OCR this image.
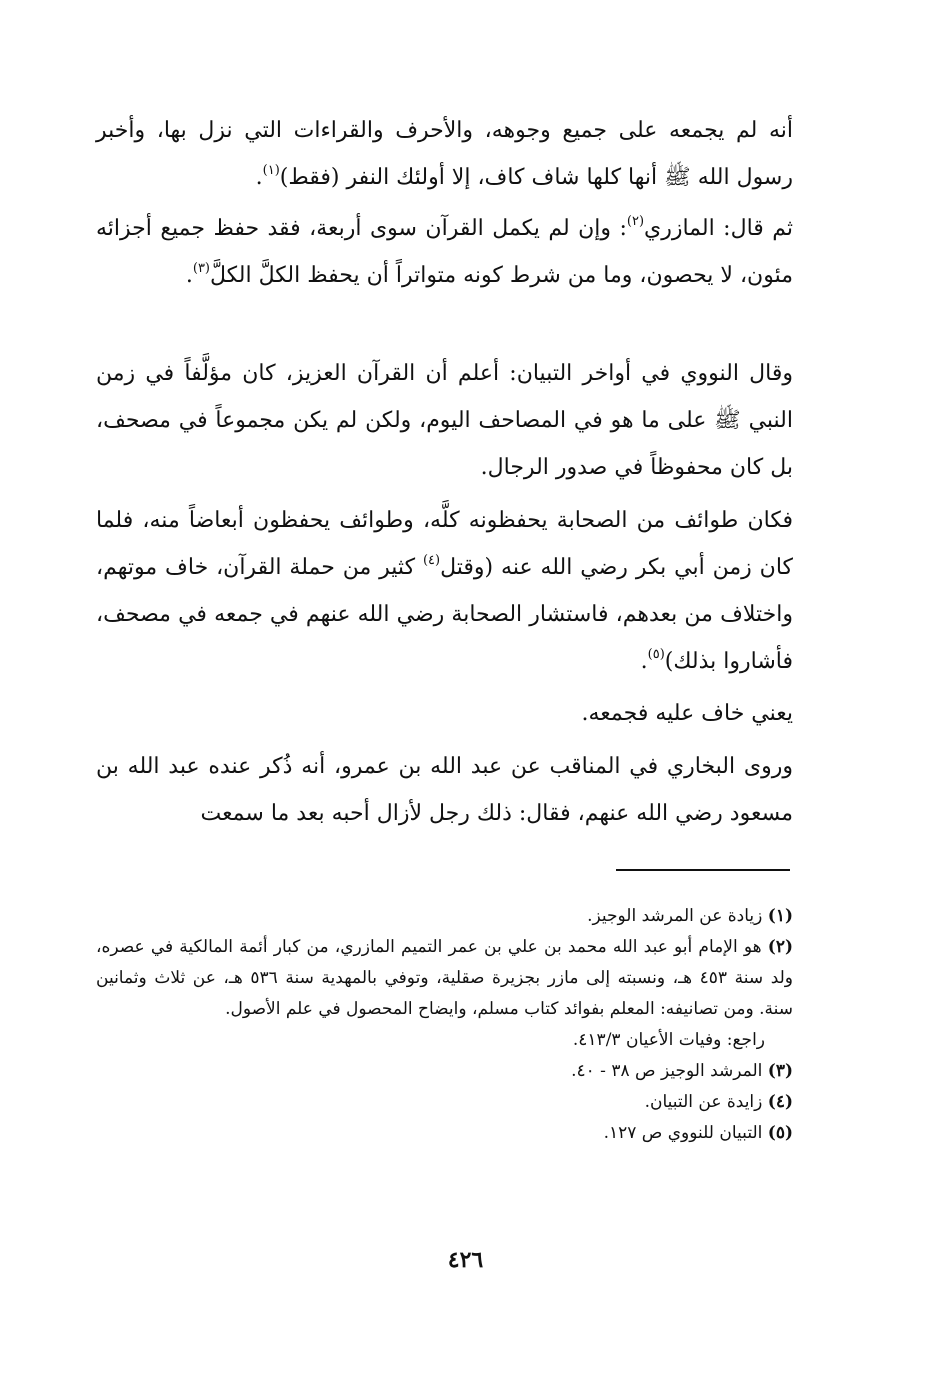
أنه لم يجمعه على جميع وجوهه، والأحرف والقراءات التي نزل بها، وأخبر رسول الله ﷺ أنها كلها شاف كاف، إلا أولئك النفر (فقط)$^{(١)}$.

ثم قال: المازري$^{(٢)}$: وإن لم يكمل القرآن سوى أربعة، فقد حفظ جميع أجزائه مئون، لا يحصون، وما من شرط كونه متواتراً أن يحفظ الكلَّ الكلَّ$^{(٣)}$.

وقال النووي في أواخر التبيان: أعلم أن القرآن العزيز، كان مؤلَّفاً في زمن النبي ﷺ على ما هو في المصاحف اليوم، ولكن لم يكن مجموعاً في مصحف، بل كان محفوظاً في صدور الرجال.

فكان طوائف من الصحابة يحفظونه كلَّه، وطوائف يحفظون أبعاضاً منه، فلما كان زمن أبي بكر رضي الله عنه (وقتل$^{(٤)}$ كثير من حملة القرآن، خاف موتهم، واختلاف من بعدهم، فاستشار الصحابة رضي الله عنهم في جمعه في مصحف، فأشاروا بذلك)$^{(٥)}$.

يعني خاف عليه فجمعه.

وروى البخاري في المناقب عن عبد الله بن عمرو، أنه ذُكر عنده عبد الله بن مسعود رضي الله عنهم، فقال: ذلك رجل لأزال أحبه بعد ما سمعت

(١) زيادة عن المرشد الوجيز.

(٢) هو الإمام أبو عبد الله محمد بن علي بن عمر التميم المازري، من كبار أئمة المالكية في عصره، ولد سنة ٤٥٣ هـ، ونسبته إلى مازر بجزيرة صقلية، وتوفي بالمهدية سنة ٥٣٦ هـ، عن ثلاث وثمانين سنة. ومن تصانيفه: المعلم بفوائد كتاب مسلم، وايضاح المحصول في علم الأصول.

راجع: وفيات الأعيان ٤١٣/٣.

(٣) المرشد الوجيز ص ٣٨ - ٤٠.

(٤) زايدة عن التبيان.

(٥) التبيان للنووي ص ١٢٧.

٤٢٦
